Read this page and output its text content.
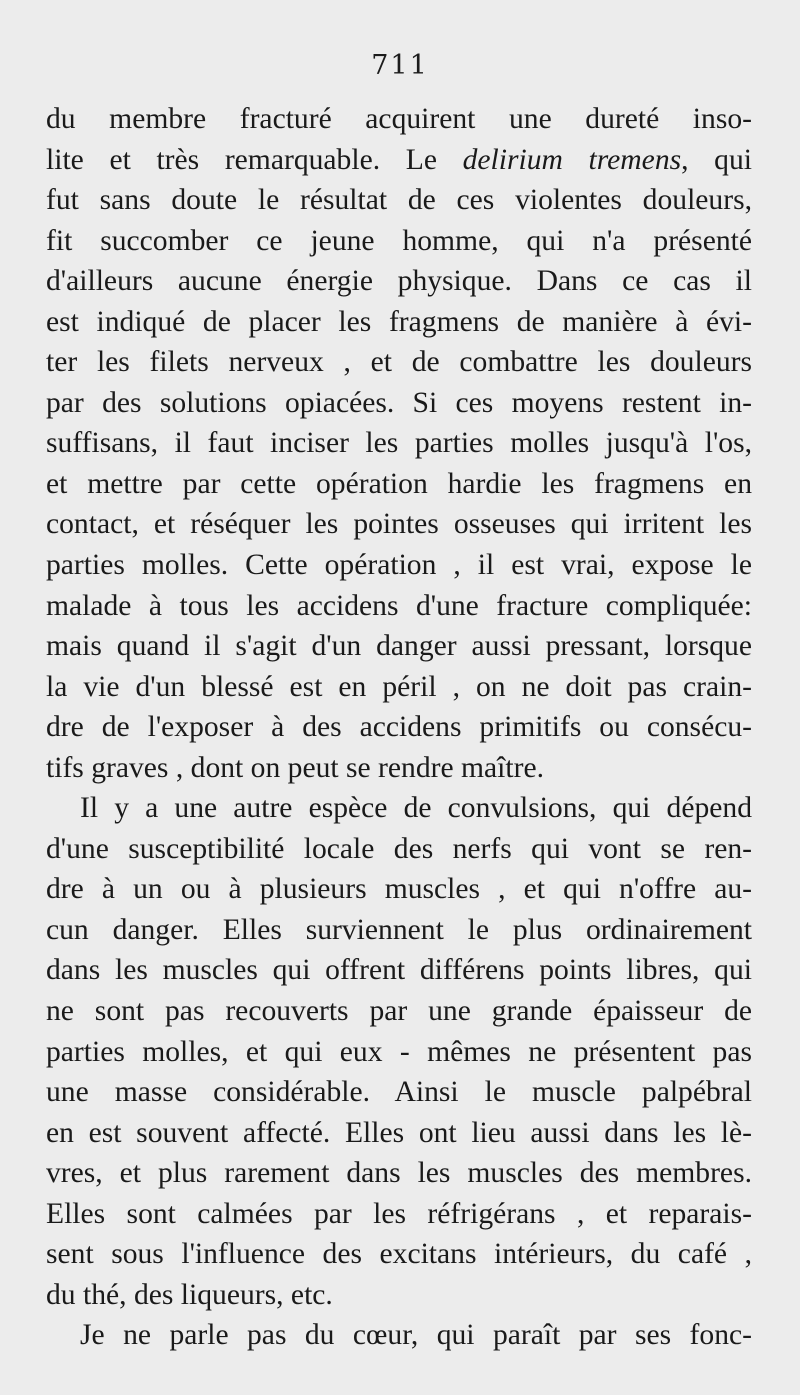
711
du membre fracturé acquirent une dureté inso-
lite et très remarquable. Le delirium tremens, qui
fut sans doute le résultat de ces violentes douleurs,
fit succomber ce jeune homme, qui n'a présenté
d'ailleurs aucune énergie physique. Dans ce cas il
est indiqué de placer les fragmens de manière à évi-
ter les filets nerveux , et de combattre les douleurs
par des solutions opiacées. Si ces moyens restent in-
suffisans, il faut inciser les parties molles jusqu'à l'os,
et mettre par cette opération hardie les fragmens en
contact, et réséquer les pointes osseuses qui irritent les
parties molles. Cette opération , il est vrai, expose le
malade à tous les accidens d'une fracture compliquée:
mais quand il s'agit d'un danger aussi pressant, lorsque
la vie d'un blessé est en péril , on ne doit pas crain-
dre de l'exposer à des accidens primitifs ou consécu-
tifs graves , dont on peut se rendre maître.
Il y a une autre espèce de convulsions, qui dépend
d'une susceptibilité locale des nerfs qui vont se ren-
dre à un ou à plusieurs muscles , et qui n'offre au-
cun danger. Elles surviennent le plus ordinairement
dans les muscles qui offrent différens points libres, qui
ne sont pas recouverts par une grande épaisseur de
parties molles, et qui eux - mêmes ne présentent pas
une masse considérable. Ainsi le muscle palpébral
en est souvent affecté. Elles ont lieu aussi dans les lè-
vres, et plus rarement dans les muscles des membres.
Elles sont calmées par les réfrigérans , et reparais-
sent sous l'influence des excitans intérieurs, du café ,
du thé, des liqueurs, etc.
Je ne parle pas du cœur, qui paraît par ses fonc-
